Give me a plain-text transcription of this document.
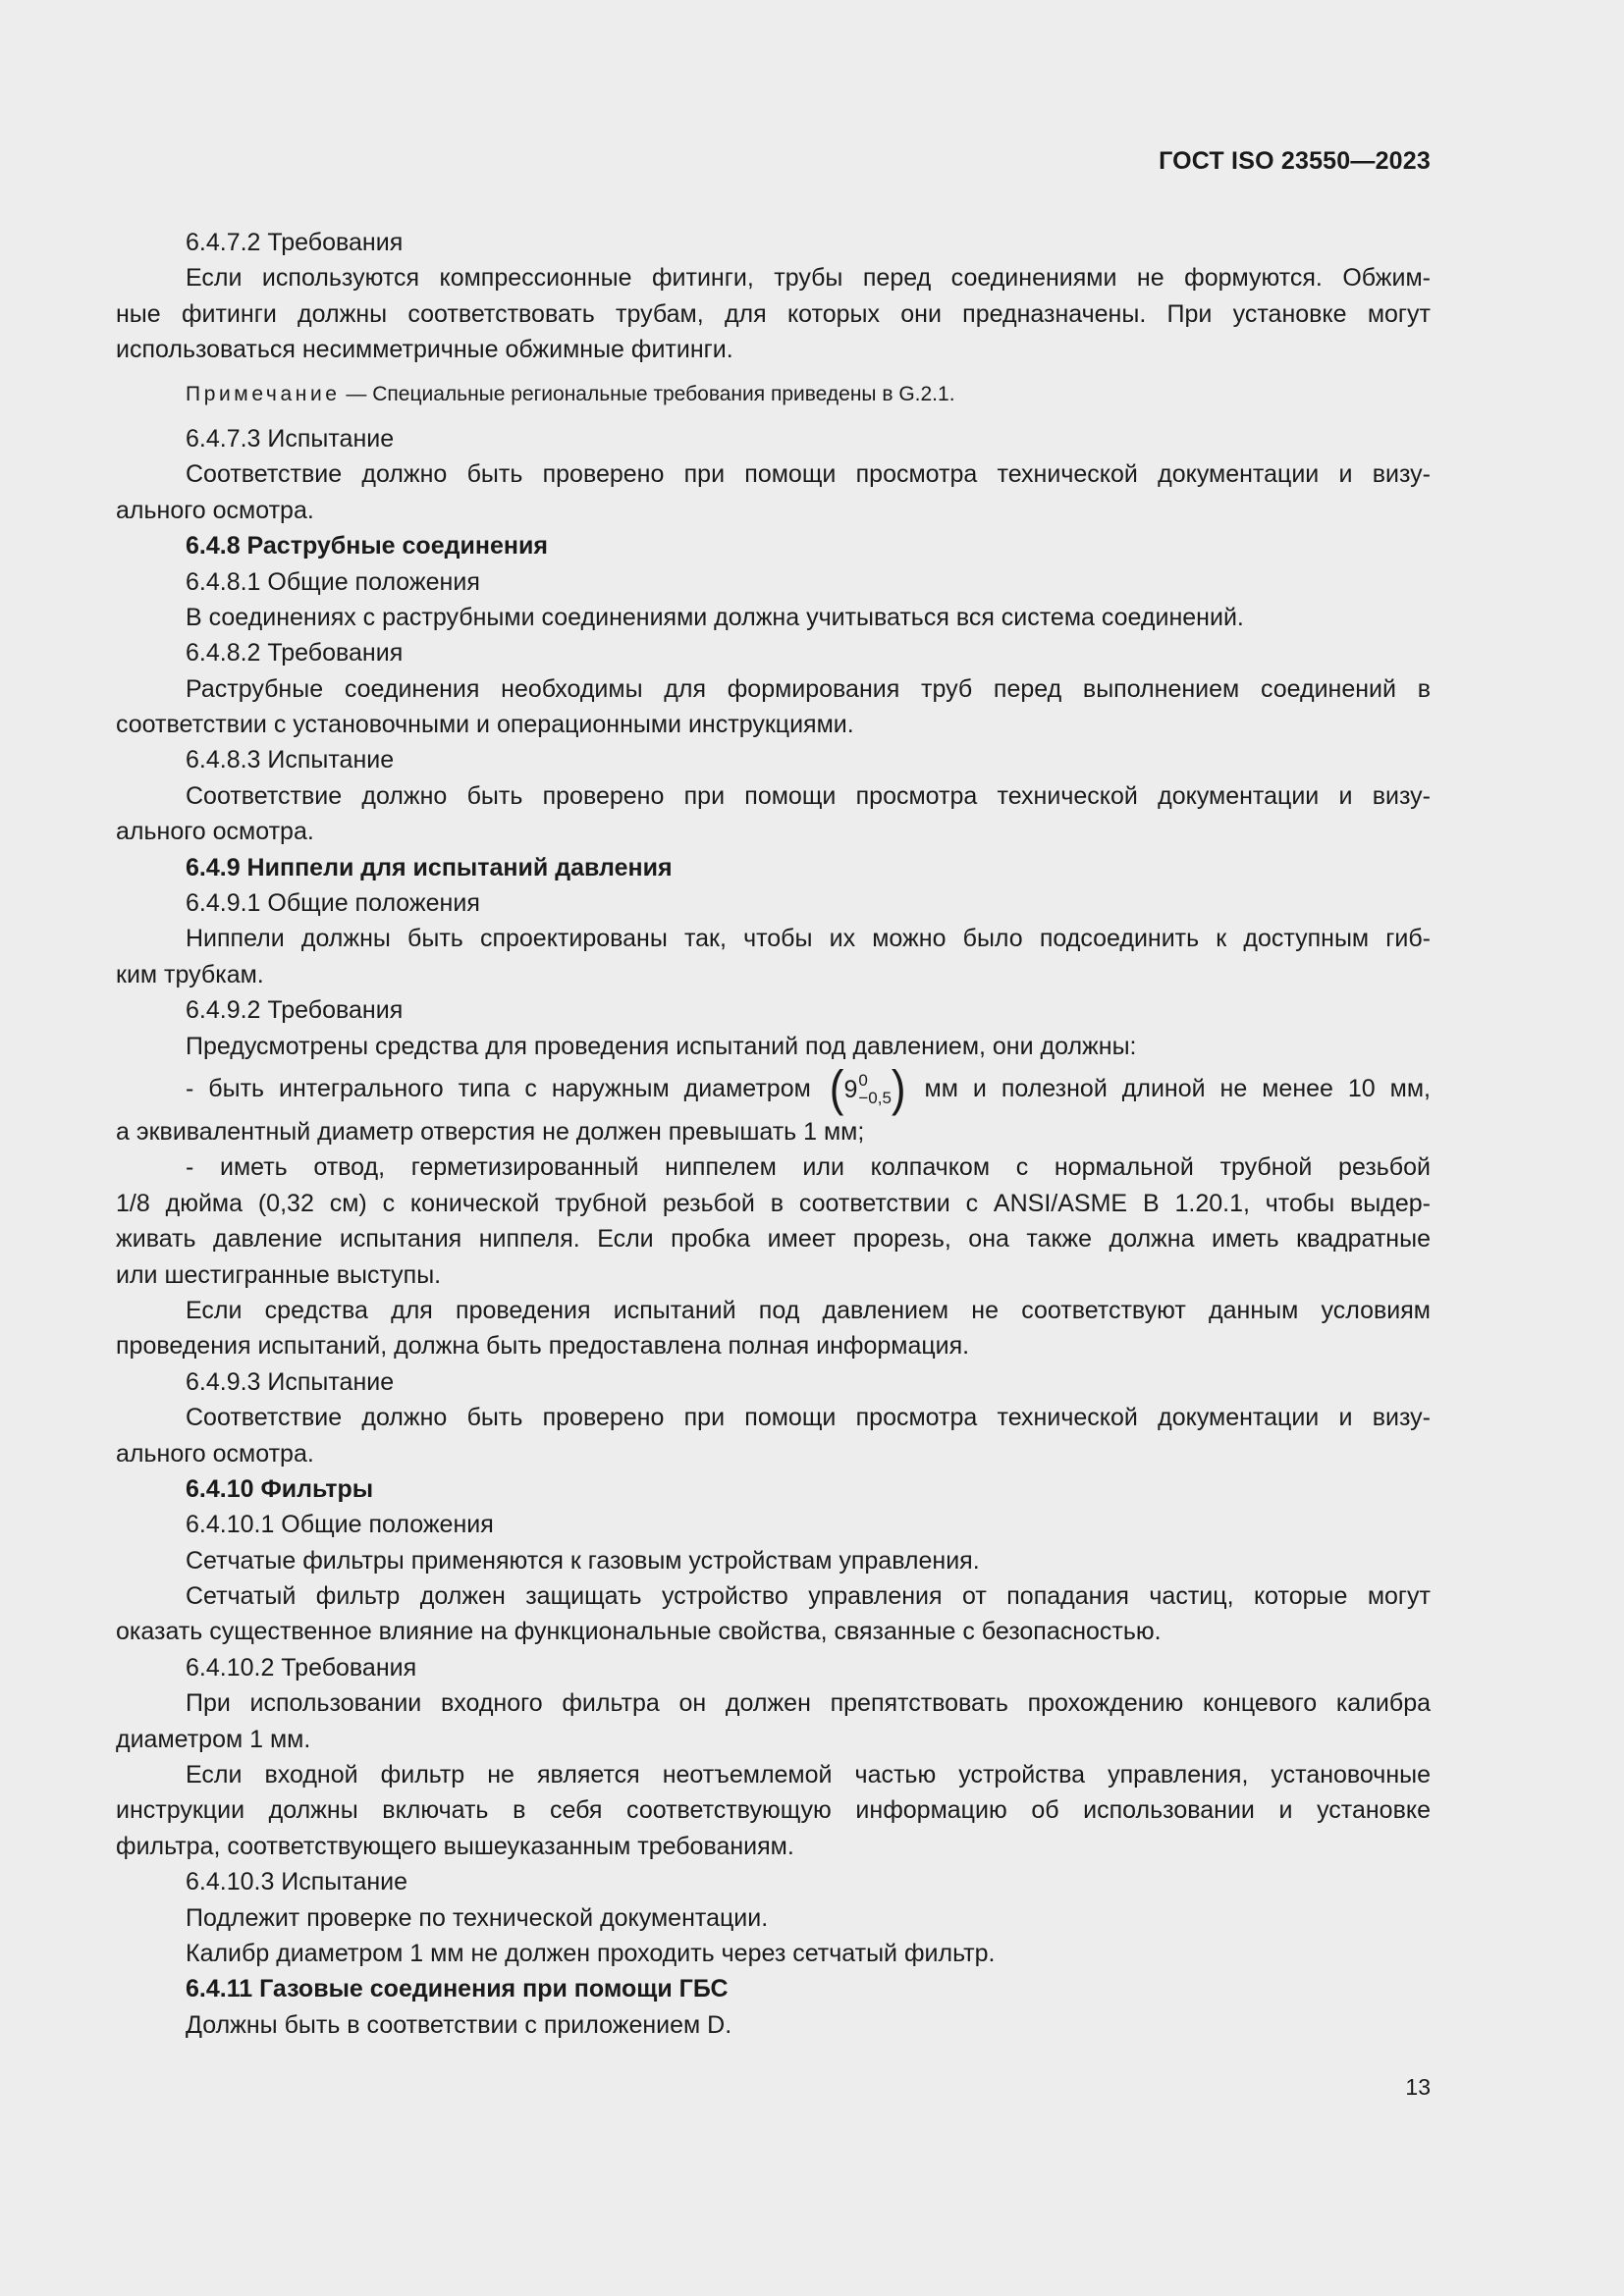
ГОСТ ISO 23550—2023
6.4.7.2 Требования
Если используются компрессионные фитинги, трубы перед соединениями не формуются. Обжим-
ные фитинги должны соответствовать трубам, для которых они предназначены. При установке могут
использоваться несимметричные обжимные фитинги.
Примечание — Специальные региональные требования приведены в G.2.1.
6.4.7.3 Испытание
Соответствие должно быть проверено при помощи просмотра технической документации и визу-
ального осмотра.
6.4.8 Раструбные соединения
6.4.8.1 Общие положения
В соединениях с раструбными соединениями должна учитываться вся система соединений.
6.4.8.2 Требования
Раструбные соединения необходимы для формирования труб перед выполнением соединений в
соответствии с установочными и операционными инструкциями.
6.4.8.3 Испытание
Соответствие должно быть проверено при помощи просмотра технической документации и визу-
ального осмотра.
6.4.9 Ниппели для испытаний давления
6.4.9.1 Общие положения
Ниппели должны быть спроектированы так, чтобы их можно было подсоединить к доступным гиб-
ким трубкам.
6.4.9.2 Требования
Предусмотрены средства для проведения испытаний под давлением, они должны:
- быть интегрального типа с наружным диаметром ( 9 0
−0,5 ) мм и полезной длиной не менее 10 мм,
а эквивалентный диаметр отверстия не должен превышать 1 мм;
- иметь отвод, герметизированный ниппелем или колпачком с нормальной трубной резьбой
1/8 дюйма (0,32 см) с конической трубной резьбой в соответствии с ANSI/ASME B 1.20.1, чтобы выдер-
живать давление испытания ниппеля. Если пробка имеет прорезь, она также должна иметь квадратные
или шестигранные выступы.
Если средства для проведения испытаний под давлением не соответствуют данным условиям
проведения испытаний, должна быть предоставлена полная информация.
6.4.9.3 Испытание
Соответствие должно быть проверено при помощи просмотра технической документации и визу-
ального осмотра.
6.4.10 Фильтры
6.4.10.1 Общие положения
Сетчатые фильтры применяются к газовым устройствам управления.
Сетчатый фильтр должен защищать устройство управления от попадания частиц, которые могут
оказать существенное влияние на функциональные свойства, связанные с безопасностью.
6.4.10.2 Требования
При использовании входного фильтра он должен препятствовать прохождению концевого калибра
диаметром 1 мм.
Если входной фильтр не является неотъемлемой частью устройства управления, установочные
инструкции должны включать в себя соответствующую информацию об использовании и установке
фильтра, соответствующего вышеуказанным требованиям.
6.4.10.3 Испытание
Подлежит проверке по технической документации.
Калибр диаметром 1 мм не должен проходить через сетчатый фильтр.
6.4.11 Газовые соединения при помощи ГБС
Должны быть в соответствии с приложением D.
13
